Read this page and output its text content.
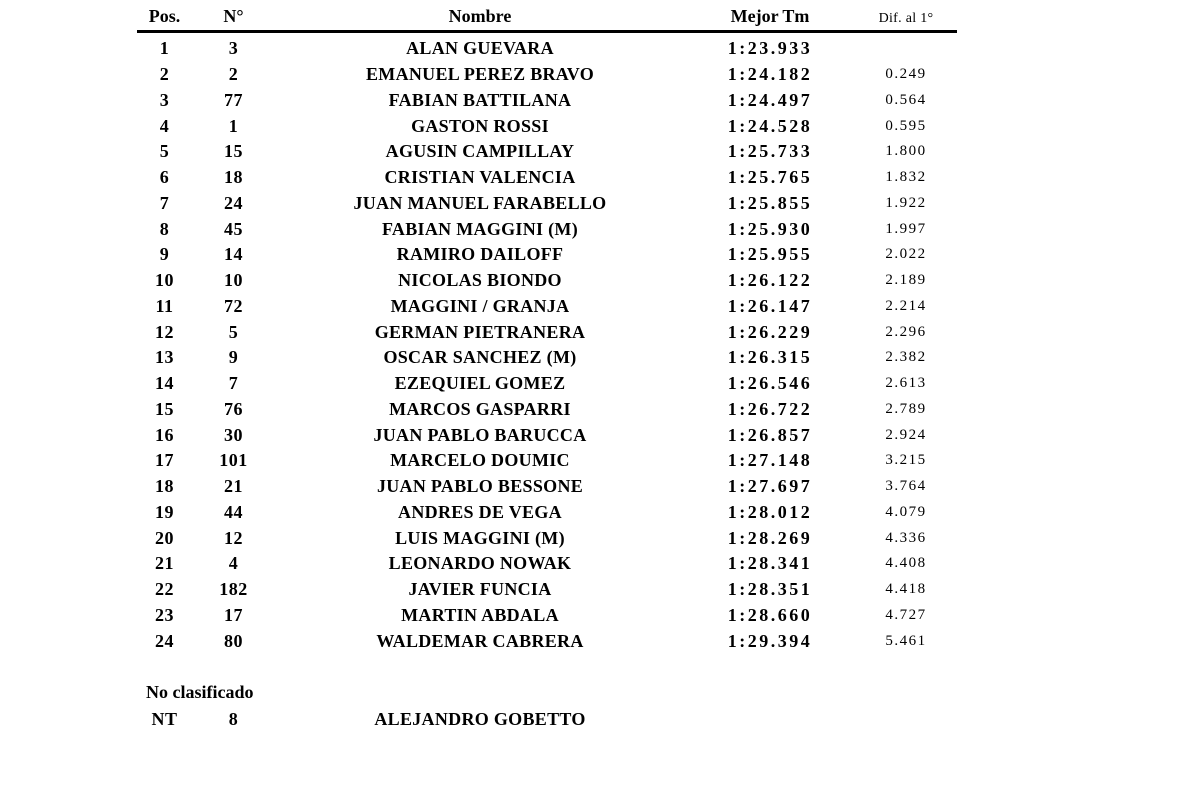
Pos.	N°	Nombre	Mejor Tm	Dif. al 1°
1	3	ALAN GUEVARA	1:23.933
2	2	EMANUEL PEREZ BRAVO	1:24.182	0.249
3	77	FABIAN BATTILANA	1:24.497	0.564
4	1	GASTON ROSSI	1:24.528	0.595
5	15	AGUSIN CAMPILLAY	1:25.733	1.800
6	18	CRISTIAN VALENCIA	1:25.765	1.832
7	24	JUAN MANUEL FARABELLO	1:25.855	1.922
8	45	FABIAN MAGGINI (M)	1:25.930	1.997
9	14	RAMIRO DAILOFF	1:25.955	2.022
10	10	NICOLAS BIONDO	1:26.122	2.189
11	72	MAGGINI / GRANJA	1:26.147	2.214
12	5	GERMAN PIETRANERA	1:26.229	2.296
13	9	OSCAR SANCHEZ (M)	1:26.315	2.382
14	7	EZEQUIEL GOMEZ	1:26.546	2.613
15	76	MARCOS GASPARRI	1:26.722	2.789
16	30	JUAN PABLO BARUCCA	1:26.857	2.924
17	101	MARCELO DOUMIC	1:27.148	3.215
18	21	JUAN PABLO BESSONE	1:27.697	3.764
19	44	ANDRES DE VEGA	1:28.012	4.079
20	12	LUIS MAGGINI (M)	1:28.269	4.336
21	4	LEONARDO NOWAK	1:28.341	4.408
22	182	JAVIER FUNCIA	1:28.351	4.418
23	17	MARTIN ABDALA	1:28.660	4.727
24	80	WALDEMAR CABRERA	1:29.394	5.461
No clasificado
NT	8	ALEJANDRO GOBETTO
